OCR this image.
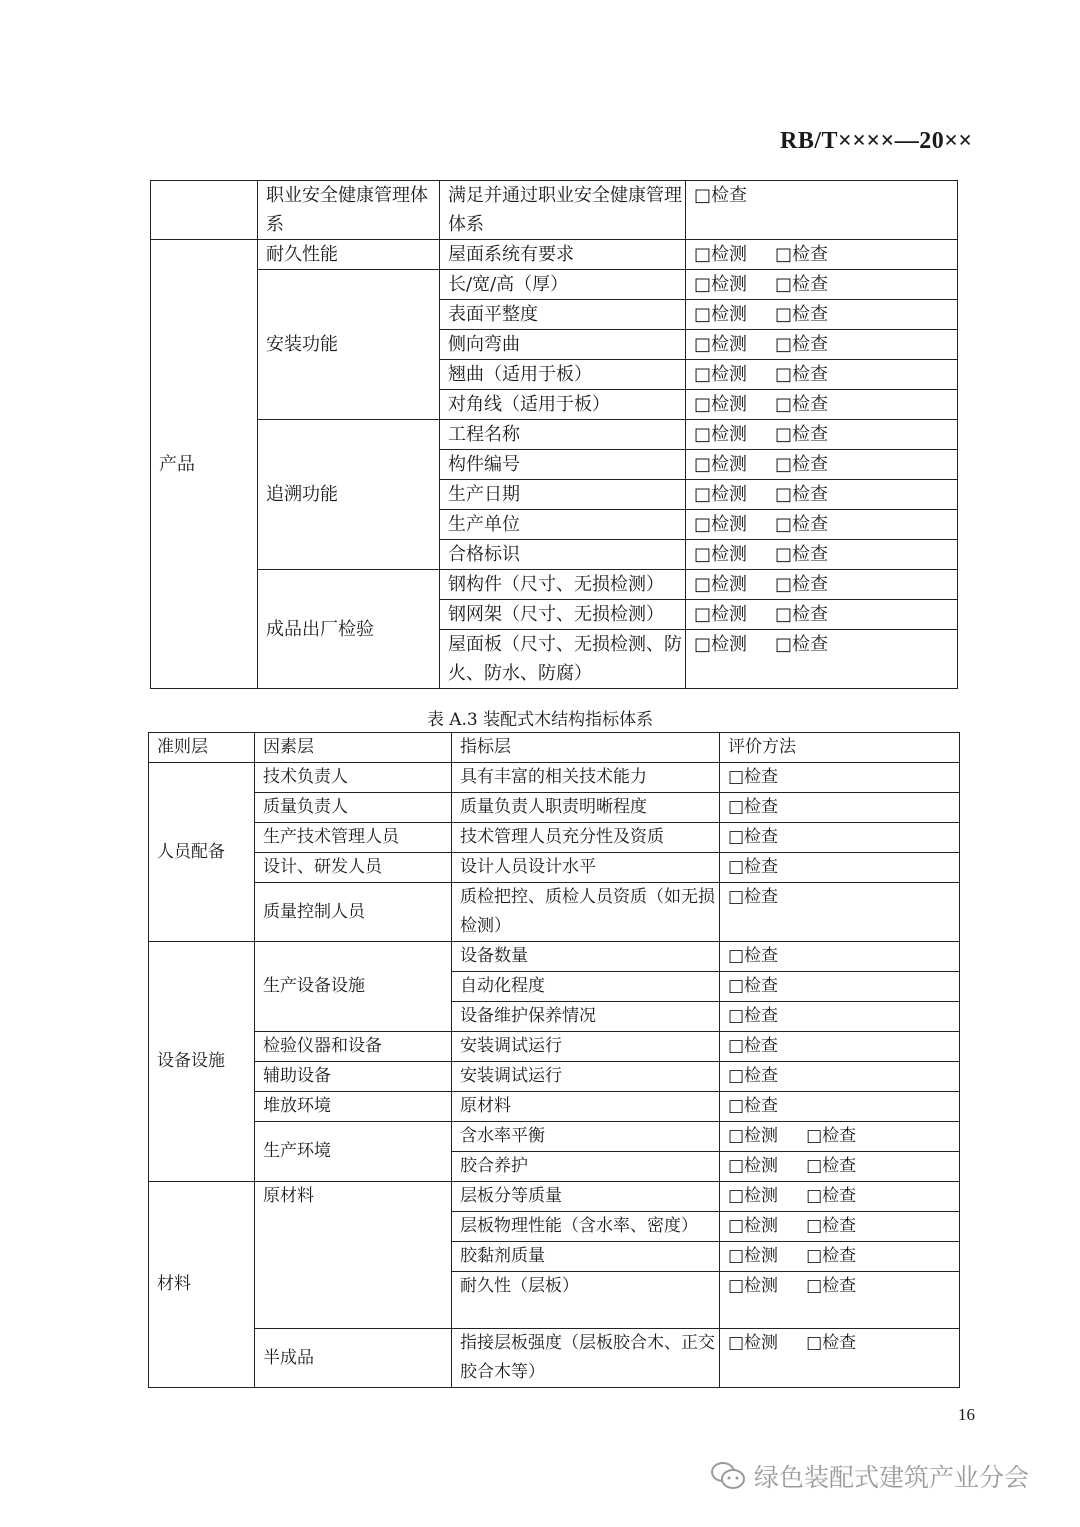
RB/T××××—20××
	职业安全健康管理体系	满足并通过职业安全健康管理体系	□检查
产品	耐久性能	屋面系统有要求	□检测 □检查
	安装功能	长/宽/高（厚）	□检测 □检查
		表面平整度	□检测 □检查
		侧向弯曲	□检测 □检查
		翘曲（适用于板）	□检测 □检查
		对角线（适用于板）	□检测 □检查
	追溯功能	工程名称	□检测 □检查
		构件编号	□检测 □检查
		生产日期	□检测 □检查
		生产单位	□检测 □检查
		合格标识	□检测 □检查
	成品出厂检验	钢构件（尺寸、无损检测）	□检测 □检查
		钢网架（尺寸、无损检测）	□检测 □检查
		屋面板（尺寸、无损检测、防火、防水、防腐）	□检测 □检查
表 A.3 装配式木结构指标体系
准则层	因素层	指标层	评价方法
人员配备	技术负责人	具有丰富的相关技术能力	□检查
	质量负责人	质量负责人职责明晰程度	□检查
	生产技术管理人员	技术管理人员充分性及资质	□检查
	设计、研发人员	设计人员设计水平	□检查
	质量控制人员	质检把控、质检人员资质（如无损检测）	□检查
设备设施	生产设备设施	设备数量	□检查
		自动化程度	□检查
		设备维护保养情况	□检查
	检验仪器和设备	安装调试运行	□检查
	辅助设备	安装调试运行	□检查
	堆放环境	原材料	□检查
	生产环境	含水率平衡	□检测 □检查
		胶合养护	□检测 □检查
材料	原材料	层板分等质量	□检测 □检查
		层板物理性能（含水率、密度）	□检测 □检查
		胶黏剂质量	□检测 □检查
		耐久性（层板）	□检测 □检查
	半成品	指接层板强度（层板胶合木、正交胶合木等）	□检测 □检查
16
绿色装配式建筑产业分会
